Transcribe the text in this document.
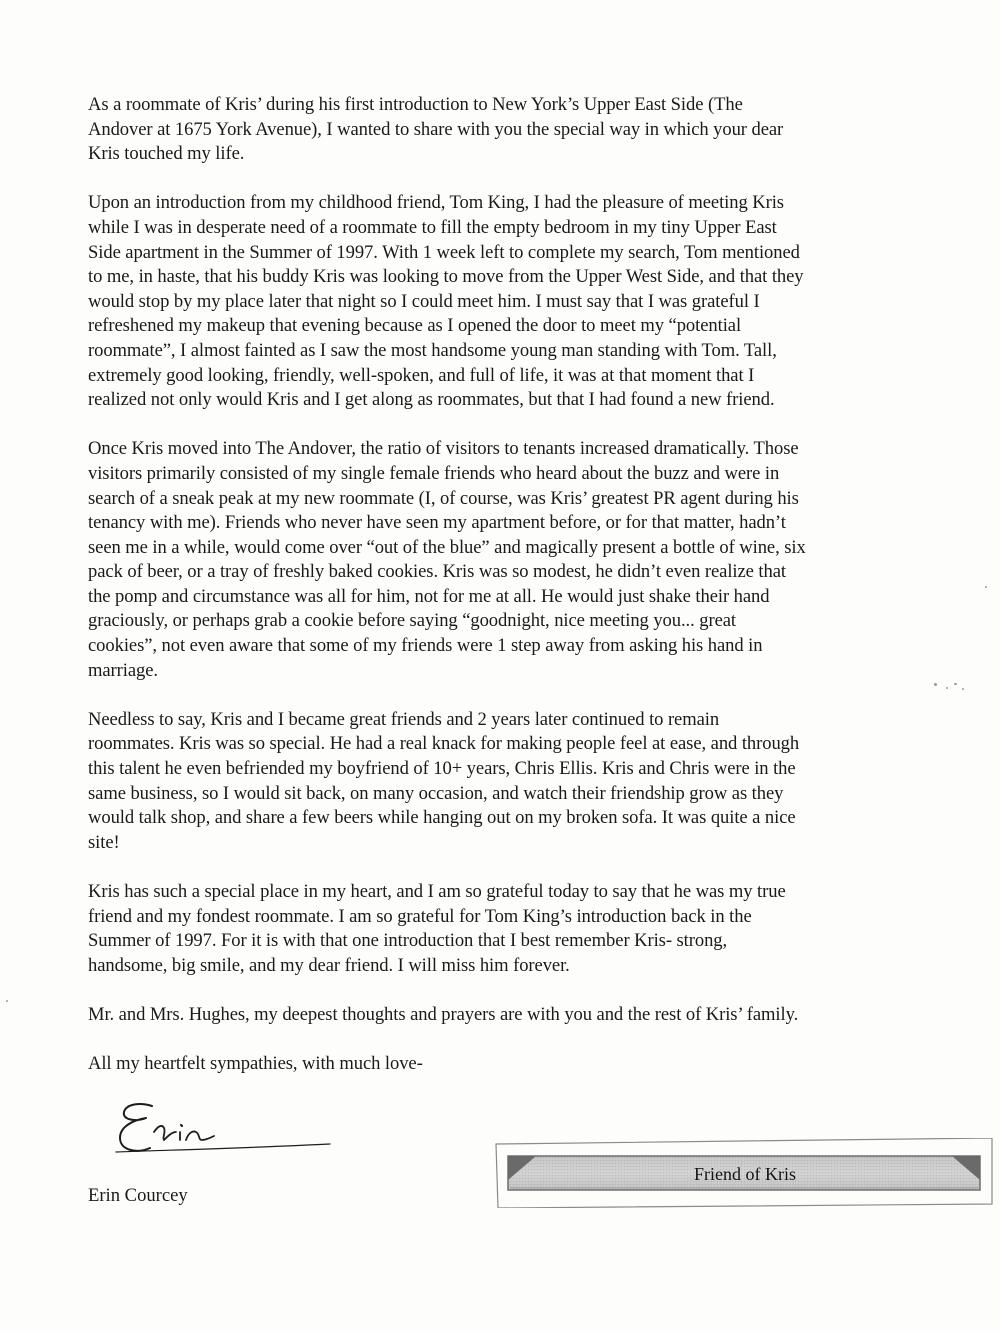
As a roommate of Kris’ during his first introduction to New York’s Upper East Side (The
Andover at 1675 York Avenue), I wanted to share with you the special way in which your dear
Kris touched my life.

Upon an introduction from my childhood friend, Tom King, I had the pleasure of meeting Kris
while I was in desperate need of a roommate to fill the empty bedroom in my tiny Upper East
Side apartment in the Summer of 1997. With 1 week left to complete my search, Tom mentioned
to me, in haste, that his buddy Kris was looking to move from the Upper West Side, and that they
would stop by my place later that night so I could meet him. I must say that I was grateful I
refreshened my makeup that evening because as I opened the door to meet my “potential
roommate”, I almost fainted as I saw the most handsome young man standing with Tom. Tall,
extremely good looking, friendly, well-spoken, and full of life, it was at that moment that I
realized not only would Kris and I get along as roommates, but that I had found a new friend.

Once Kris moved into The Andover, the ratio of visitors to tenants increased dramatically. Those
visitors primarily consisted of my single female friends who heard about the buzz and were in
search of a sneak peak at my new roommate (I, of course, was Kris’ greatest PR agent during his
tenancy with me). Friends who never have seen my apartment before, or for that matter, hadn’t
seen me in a while, would come over “out of the blue” and magically present a bottle of wine, six
pack of beer, or a tray of freshly baked cookies. Kris was so modest, he didn’t even realize that
the pomp and circumstance was all for him, not for me at all. He would just shake their hand
graciously, or perhaps grab a cookie before saying “goodnight, nice meeting you... great
cookies”, not even aware that some of my friends were 1 step away from asking his hand in
marriage.

Needless to say, Kris and I became great friends and 2 years later continued to remain
roommates. Kris was so special. He had a real knack for making people feel at ease, and through
this talent he even befriended my boyfriend of 10+ years, Chris Ellis. Kris and Chris were in the
same business, so I would sit back, on many occasion, and watch their friendship grow as they
would talk shop, and share a few beers while hanging out on my broken sofa. It was quite a nice
site!

Kris has such a special place in my heart, and I am so grateful today to say that he was my true
friend and my fondest roommate. I am so grateful for Tom King’s introduction back in the
Summer of 1997. For it is with that one introduction that I best remember Kris- strong,
handsome, big smile, and my dear friend. I will miss him forever.

Mr. and Mrs. Hughes, my deepest thoughts and prayers are with you and the rest of Kris’ family.

All my heartfelt sympathies, with much love-

Erin Courcey
Friend of Kris
